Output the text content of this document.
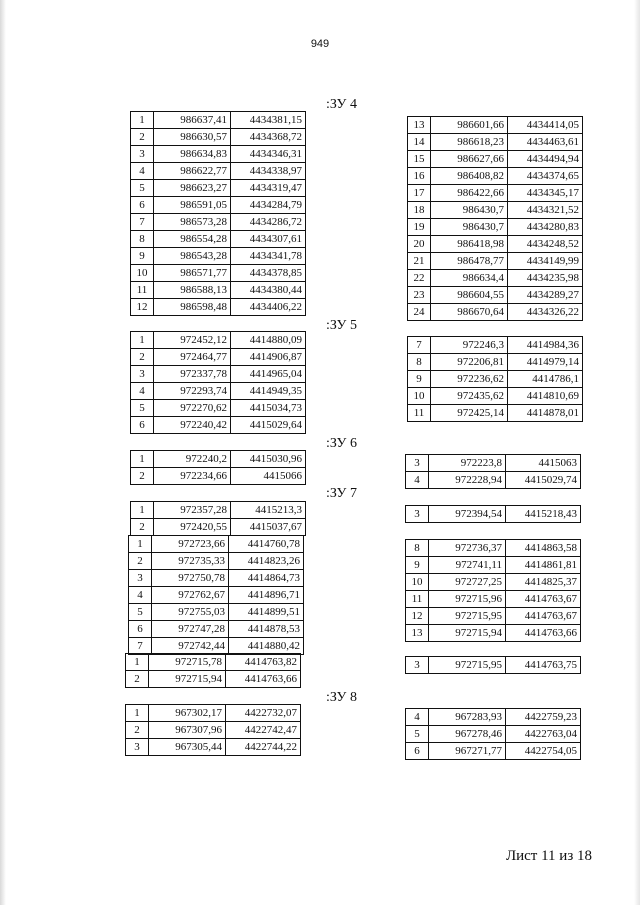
949
:ЗУ 4
:ЗУ 5
:ЗУ 6
:ЗУ 7
:ЗУ 8
1	986637,41	4434381,15
2	986630,57	4434368,72
3	986634,83	4434346,31
4	986622,77	4434338,97
5	986623,27	4434319,47
6	986591,05	4434284,79
7	986573,28	4434286,72
8	986554,28	4434307,61
9	986543,28	4434341,78
10	986571,77	4434378,85
11	986588,13	4434380,44
12	986598,48	4434406,22
13	986601,66	4434414,05
14	986618,23	4434463,61
15	986627,66	4434494,94
16	986408,82	4434374,65
17	986422,66	4434345,17
18	986430,7	4434321,52
19	986430,7	4434280,83
20	986418,98	4434248,52
21	986478,77	4434149,99
22	986634,4	4434235,98
23	986604,55	4434289,27
24	986670,64	4434326,22
1	972452,12	4414880,09
2	972464,77	4414906,87
3	972337,78	4414965,04
4	972293,74	4414949,35
5	972270,62	4415034,73
6	972240,42	4415029,64
7	972246,3	4414984,36
8	972206,81	4414979,14
9	972236,62	4414786,1
10	972435,62	4414810,69
11	972425,14	4414878,01
1	972240,2	4415030,96
2	972234,66	4415066
3	972223,8	4415063
4	972228,94	4415029,74
1	972357,28	4415213,3
2	972420,55	4415037,67
3	972394,54	4415218,43
1	972723,66	4414760,78
2	972735,33	4414823,26
3	972750,78	4414864,73
4	972762,67	4414896,71
5	972755,03	4414899,51
6	972747,28	4414878,53
7	972742,44	4414880,42
8	972736,37	4414863,58
9	972741,11	4414861,81
10	972727,25	4414825,37
11	972715,96	4414763,67
12	972715,95	4414763,67
13	972715,94	4414763,66
1	972715,78	4414763,82
2	972715,94	4414763,66
3	972715,95	4414763,75
1	967302,17	4422732,07
2	967307,96	4422742,47
3	967305,44	4422744,22
4	967283,93	4422759,23
5	967278,46	4422763,04
6	967271,77	4422754,05
Лист 11 из 18
